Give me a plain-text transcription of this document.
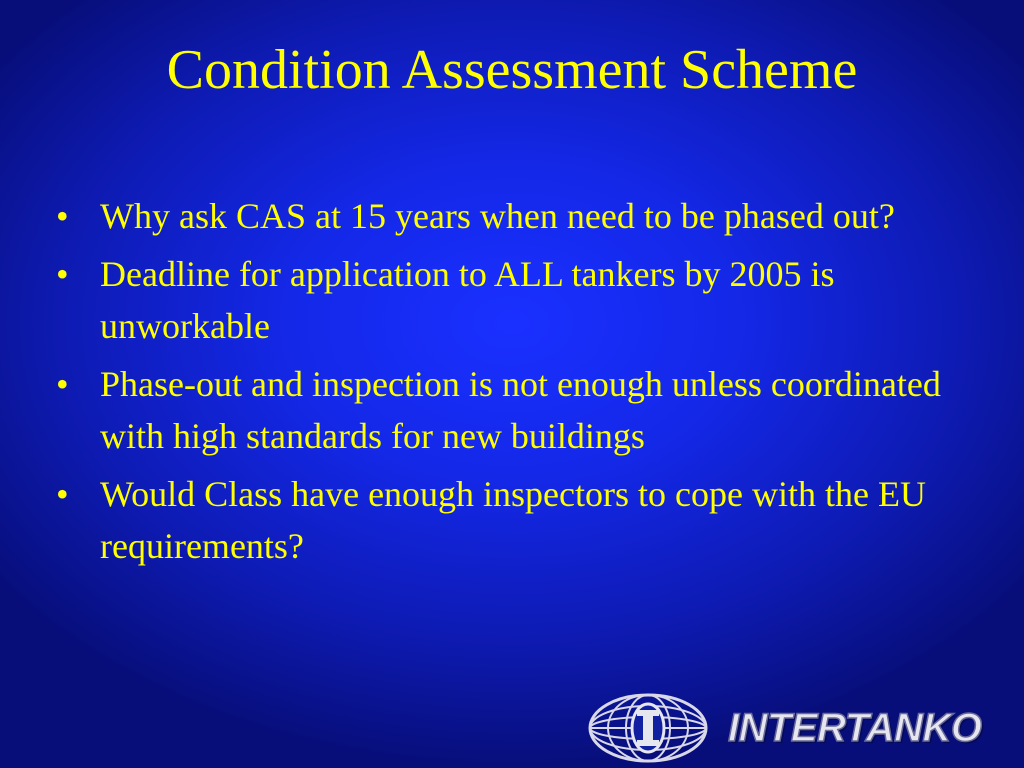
Condition Assessment Scheme
• Why ask CAS at 15 years when need to be phased out?
• Deadline for application to ALL tankers by 2005 is unworkable
• Phase-out and inspection is not enough unless coordinated with high standards for new buildings
• Would Class have enough inspectors to cope with the EU requirements?
INTERTANKO
